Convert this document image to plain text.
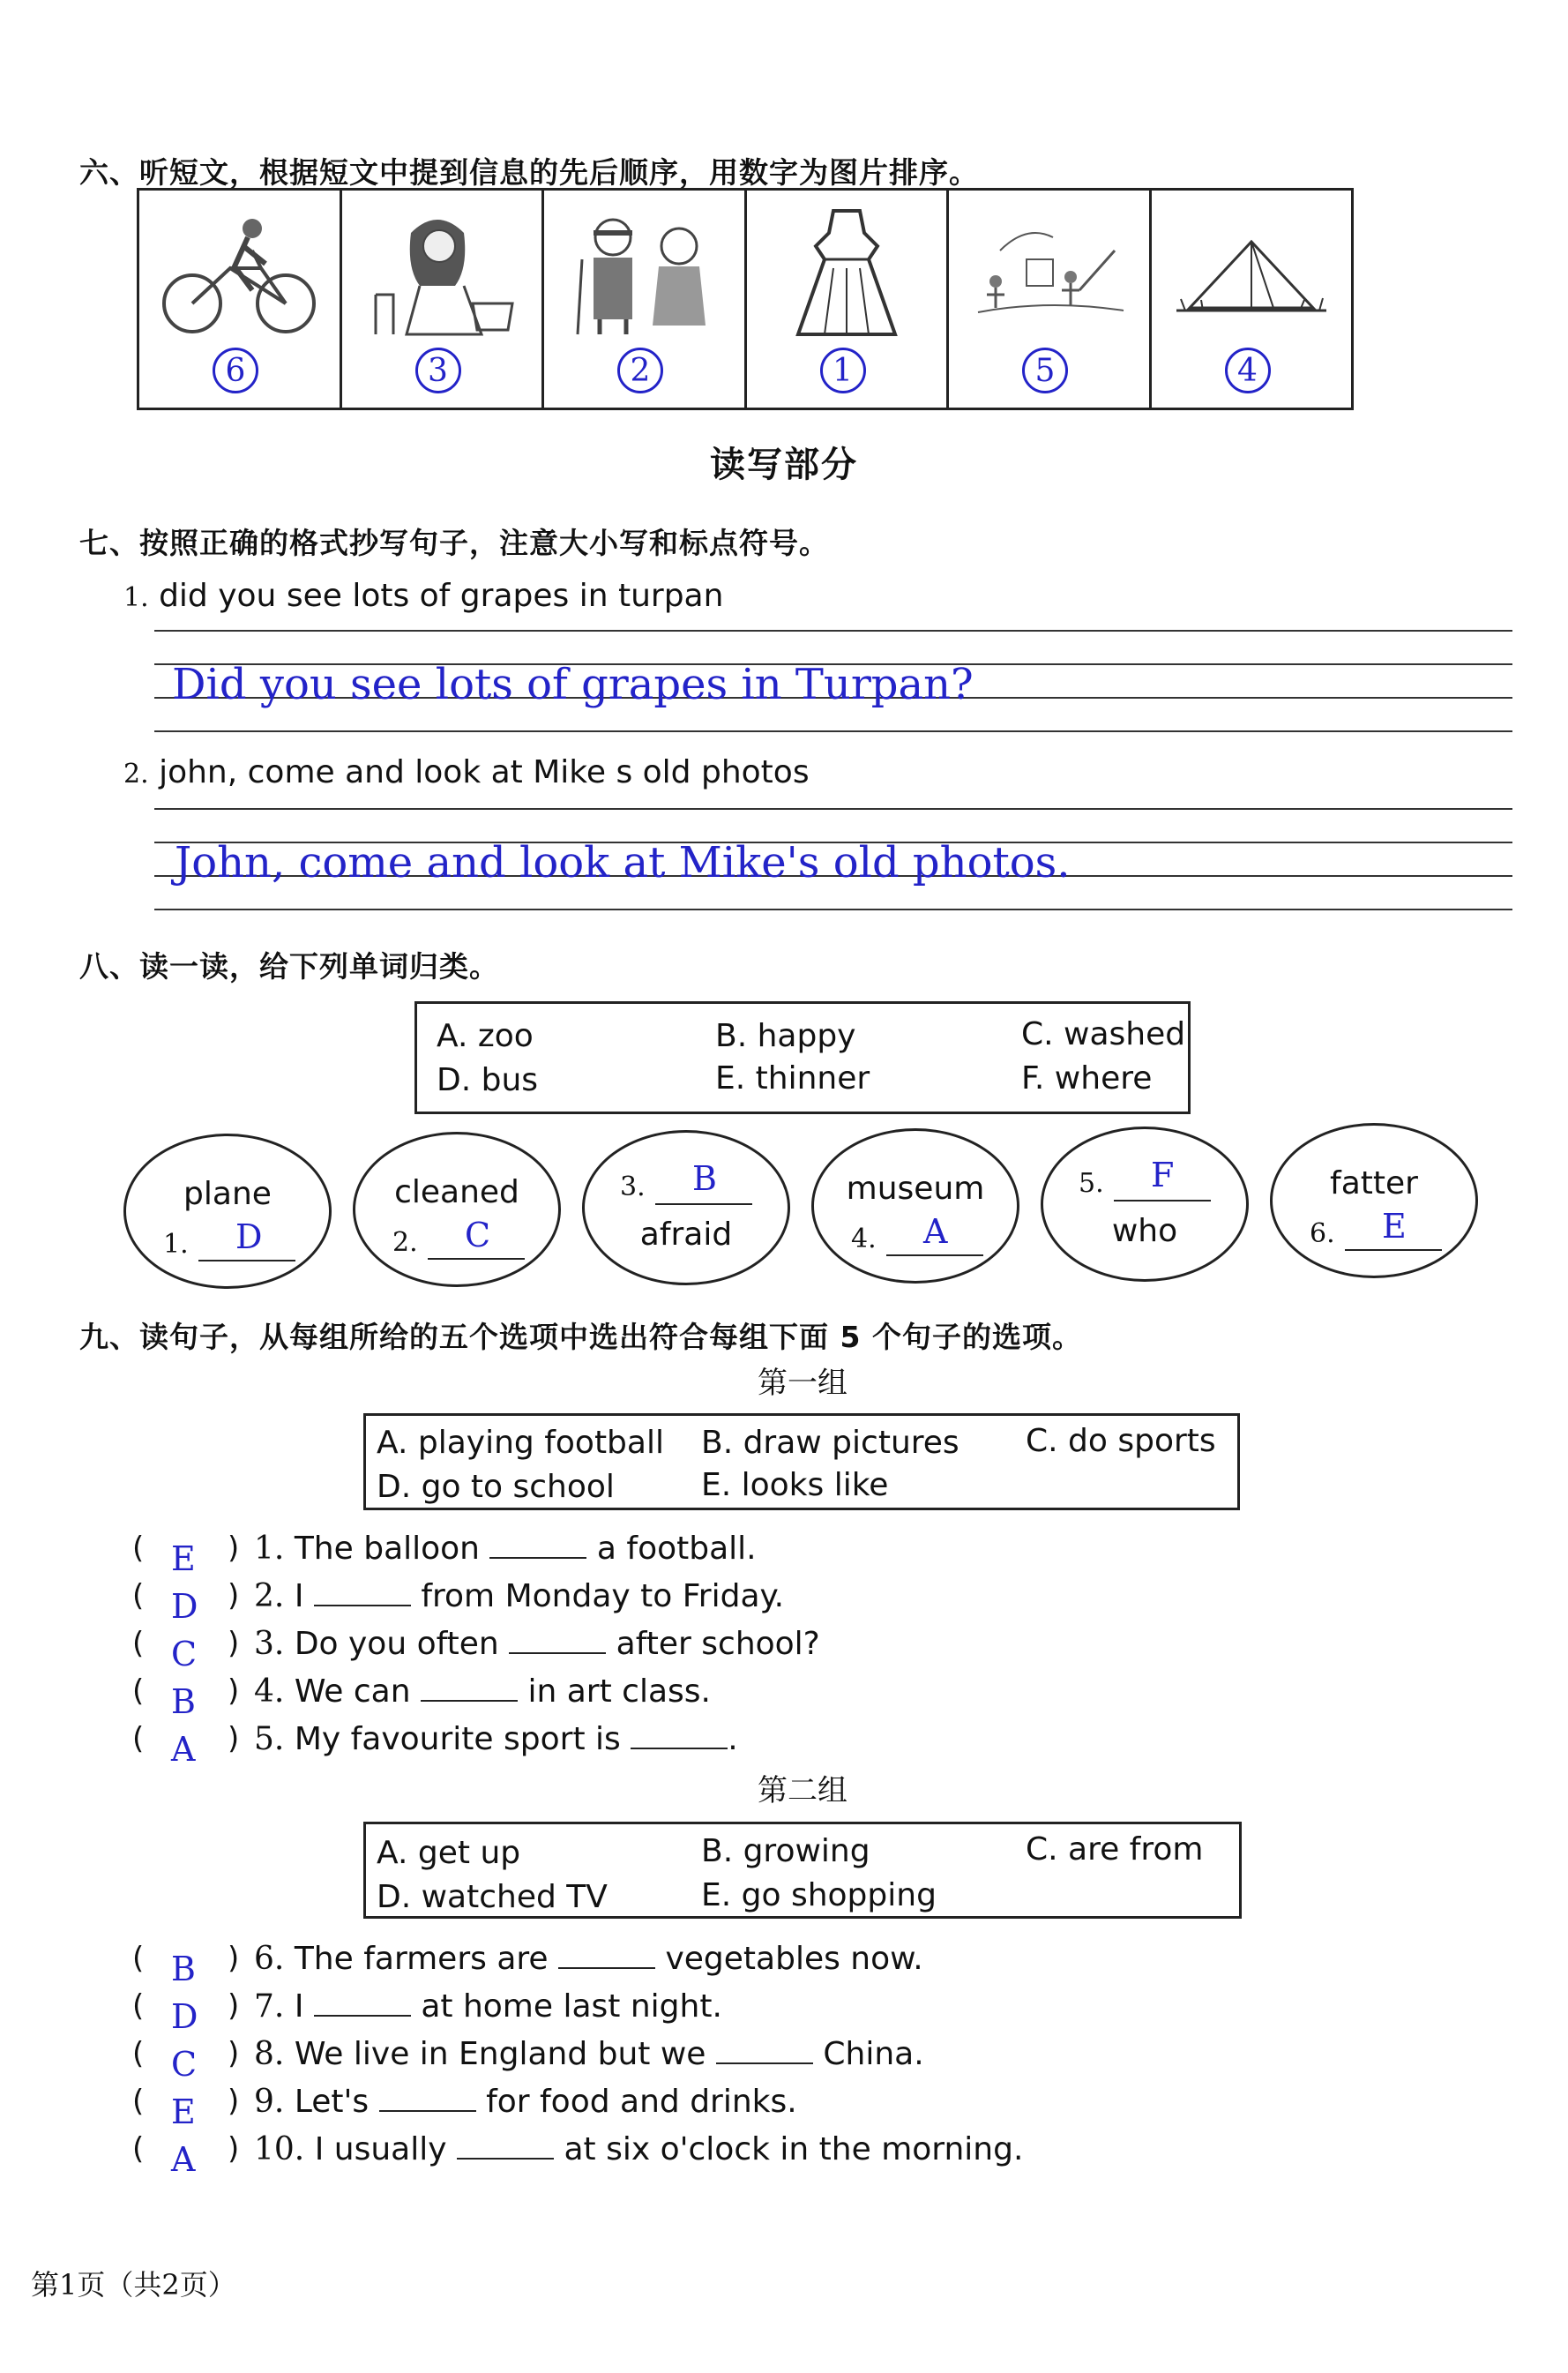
六、听短文，根据短文中提到信息的先后顺序，用数字为图片排序。
6	3	2	1	5	4
读写部分
七、按照正确的格式抄写句子，注意大小写和标点符号。
1. did you see lots of grapes in turpan
Did you see lots of grapes in Turpan?
2. john, come and look at Mike s old photos
John, come and look at Mike's old photos.
八、读一读，给下列单词归类。
A. zoo	B. happy	C. washed
D. bus	E. thinner	F. where
plane
1. D
cleaned
2. C
3. B
afraid
museum
4. A
5. F
who
fatter
6. E
九、读句子，从每组所给的五个选项中选出符合每组下面 5 个句子的选项。
第一组
A. playing football B. draw pictures C. do sports
D. go to school	E. looks like
( E ) 1. The balloon	a football.
( D ) 2. I	from Monday to Friday.
( C ) 3. Do you often	after school?
( B ) 4. We can	in art class.
( A ) 5. My favourite sport is	.
第二组
A. get up	B. growing	C. are from
D. watched TV	E. go shopping
( B ) 6. The farmers are	vegetables now.
( D ) 7. I	at home last night.
( C ) 8. We live in England but we	China.
( E ) 9. Let's	for food and drinks.
( A ) 10. I usually	at six o'clock in the morning.
第1页（共2页）
